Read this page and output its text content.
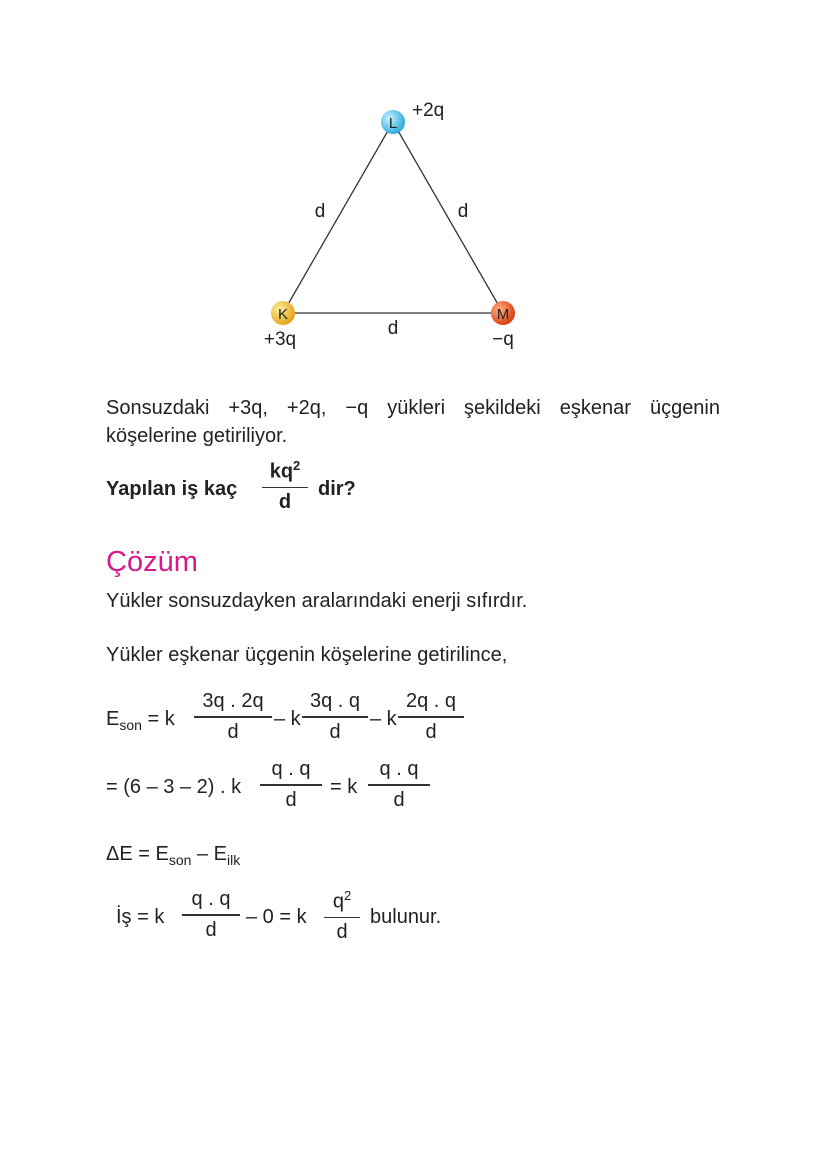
L
+2q
K
+3q
M
−q
d	d
d
Sonsuzdaki +3q, +2q, −q yükleri şekildeki eşkenar üçgenin
köşelerine getiriliyor.
Yapılan iş kaç
$kq^2$
d
dir?
Çözüm
Yükler sonsuzdayken aralarındaki enerji sıfırdır.
Yükler eşkenar üçgenin köşelerine getirilince,
$E_{son} = k$
3q . 2q
d
– k
3q . q
d
– k
2q . q
d
= (6 – 3 – 2) . k
q . q
d
= k
q . q
d
$\Delta E = E_{son} - E_{ilk}$
İş = k
q . q
d
– 0 = k
$q^2$
d
bulunur.
